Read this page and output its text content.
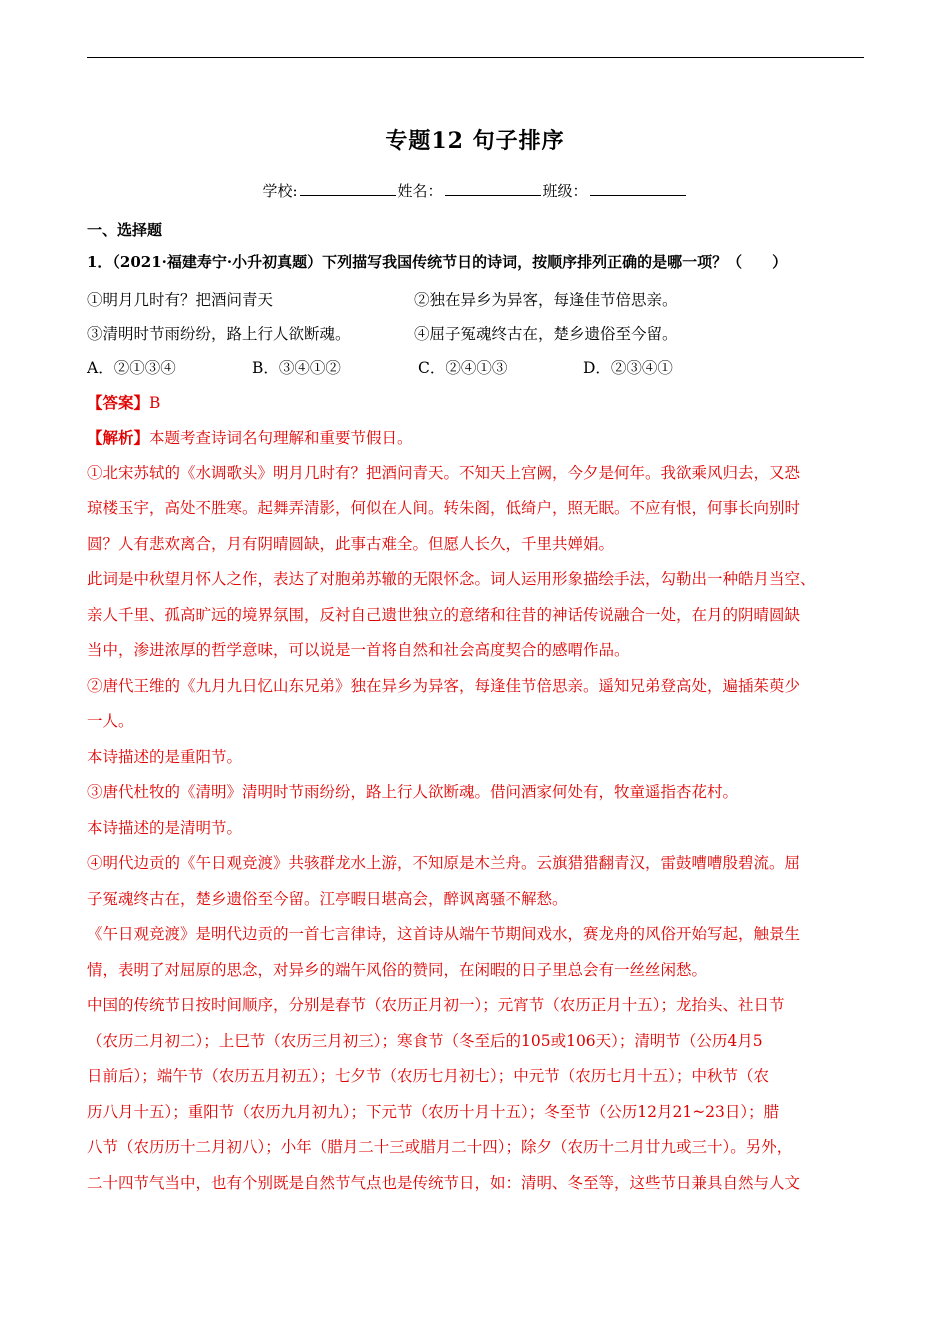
专题12 句子排序
学校:	姓名：	班级：
一、选择题
1．（2021·福建寿宁·小升初真题）下列描写我国传统节日的诗词，按顺序排列正确的是哪一项？（　　）
①明月几时有？把酒问青天	②独在异乡为异客，每逢佳节倍思亲。
③清明时节雨纷纷，路上行人欲断魂。	④屈子冤魂终古在，楚乡遗俗至今留。
A．②①③④	B．③④①②	C．②④①③	D．②③④①
【答案】B
【解析】本题考查诗词名句理解和重要节假日。
①北宋苏轼的《水调歌头》明月几时有？把酒问青天。不知天上宫阙，今夕是何年。我欲乘风归去，又恐
琼楼玉宇，高处不胜寒。起舞弄清影，何似在人间。转朱阁，低绮户，照无眠。不应有恨，何事长向别时
圆？人有悲欢离合，月有阴晴圆缺，此事古难全。但愿人长久，千里共婵娟。
此词是中秋望月怀人之作，表达了对胞弟苏辙的无限怀念。词人运用形象描绘手法，勾勒出一种皓月当空、
亲人千里、孤高旷远的境界氛围，反衬自己遗世独立的意绪和往昔的神话传说融合一处，在月的阴晴圆缺
当中，渗进浓厚的哲学意味，可以说是一首将自然和社会高度契合的感喟作品。
②唐代王维的《九月九日忆山东兄弟》独在异乡为异客，每逢佳节倍思亲。遥知兄弟登高处，遍插茱萸少
一人。
本诗描述的是重阳节。
③唐代杜牧的《清明》清明时节雨纷纷，路上行人欲断魂。借问酒家何处有，牧童遥指杏花村。
本诗描述的是清明节。
④明代边贡的《午日观竞渡》共骇群龙水上游，不知原是木兰舟。云旗猎猎翻青汉，雷鼓嘈嘈殷碧流。屈
子冤魂终古在，楚乡遗俗至今留。江亭暇日堪高会，醉讽离骚不解愁。
《午日观竞渡》是明代边贡的一首七言律诗，这首诗从端午节期间戏水，赛龙舟的风俗开始写起，触景生
情，表明了对屈原的思念，对异乡的端午风俗的赞同，在闲暇的日子里总会有一丝丝闲愁。
中国的传统节日按时间顺序，分别是春节（农历正月初一）；元宵节（农历正月十五）；龙抬头、社日节
（农历二月初二）；上巳节（农历三月初三）；寒食节（冬至后的105或106天）；清明节（公历4月5
日前后）；端午节（农历五月初五）；七夕节（农历七月初七）；中元节（农历七月十五）；中秋节（农
历八月十五）；重阳节（农历九月初九）；下元节（农历十月十五）；冬至节（公历12月21~23日）；腊
八节（农历历十二月初八）；小年（腊月二十三或腊月二十四）；除夕（农历十二月廿九或三十）。另外，
二十四节气当中，也有个别既是自然节气点也是传统节日，如：清明、冬至等，这些节日兼具自然与人文
